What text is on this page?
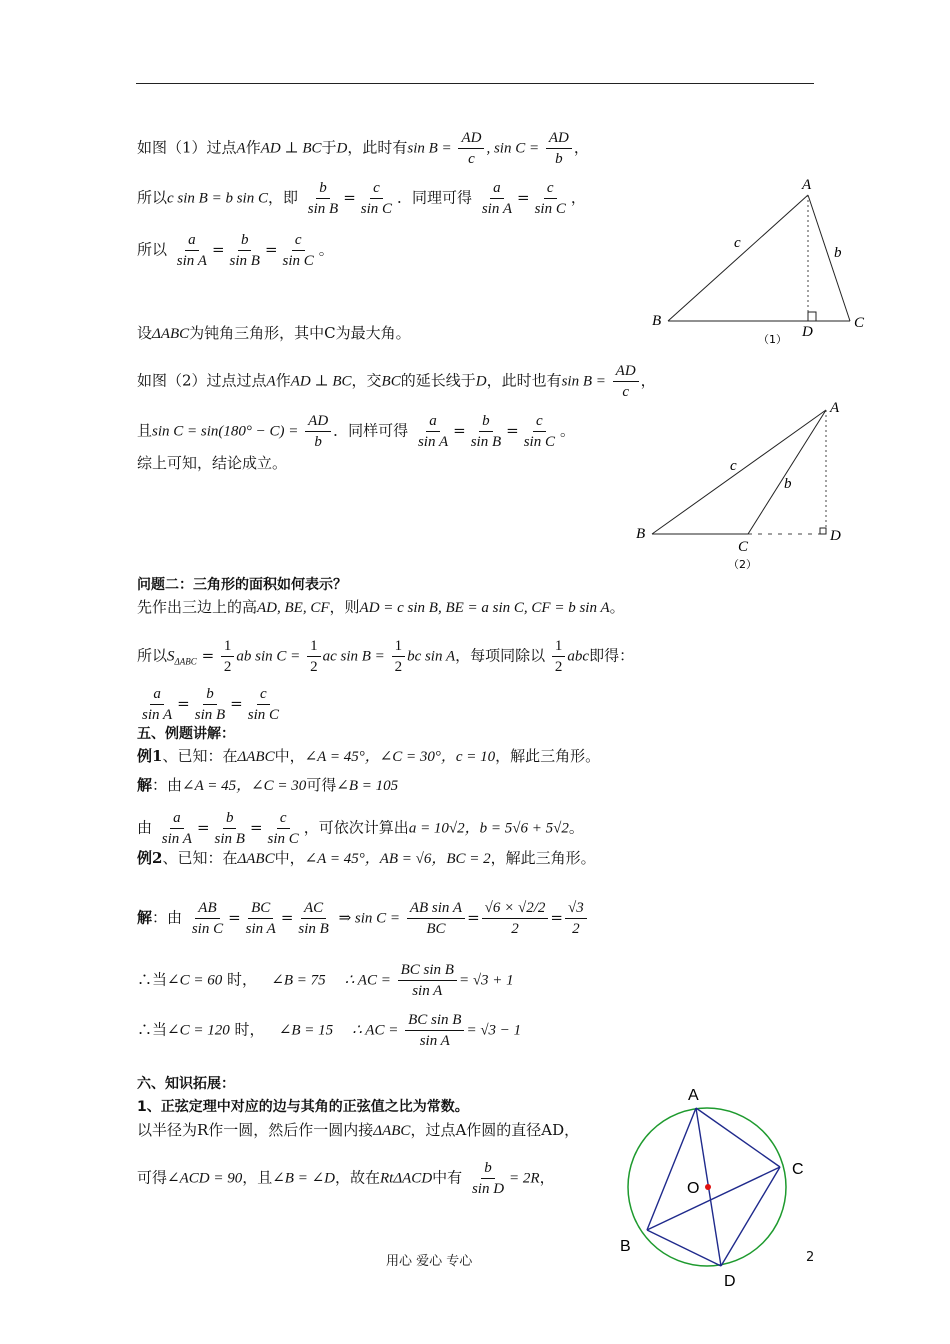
如图（1）过点A作AD ⊥ BC于D，此时有$\sin B = \frac{AD}{c}$ , $\sin C = \frac{AD}{b}$ ，
所以c sin B = b sin C，即 $\frac{b}{\text{sin B}} = \frac{c}{\text{sin C}}$ ．同理可得 $\frac{a}{\text{sin A}} = \frac{c}{\text{sin C}}$ ，
所以 $\frac{a}{\text{sin A}} = \frac{b}{\text{sin B}} = \frac{c}{\text{sin C}}$ 。
A
B	C
D
c
b
（1）
设ΔABC为钝角三角形，其中C为最大角。
如图（2）过点过点A作AD ⊥ BC，交BC的延长线于D，此时也有$\sin B = \frac{AD}{c}$ ，
且$\sin C = \sin(180^\circ - C) = \frac{AD}{b}$ ．同样可得 $\frac{a}{\text{sin A}} = \frac{b}{\text{sin B}} = \frac{c}{\text{sin C}}$ 。
综上可知，结论成立。
A
B
C
D
c
b
（2）
问题二：三角形的面积如何表示？
先作出三边上的高AD, BE, CF，则AD = c sin B, BE = a sin C, CF = b sin A。
所以$S_{\Delta ABC} = \frac{1}{2}$ ab $\sin C = \frac{1}{2}$ ac $\sin B = \frac{1}{2}$ bc sin A，每项同除以 $\frac{1}{2}$ abc即得：
$\frac{a}{\text{sin A}} = \frac{b}{\text{sin B}} = \frac{c}{\text{sin C}}$
五、例题讲解：
例1、已知：在ΔABC中，∠A = 45°，∠C = 30°，c = 10，解此三角形。
解：由∠A = 45，∠C = 30可得∠B = 105
由 $\frac{a}{\text{sin A}} = \frac{b}{\text{sin B}} = \frac{c}{\text{sin C}}$ ，可依次计算出a = 10√2，b = 5√6 + 5√2。
例2、已知：在ΔABC中，∠A = 45°，AB = √6，BC = 2，解此三角形。
解：由 $\frac{AB}{\text{sin C}} = \frac{BC}{\text{sin A}} = \frac{AC}{\text{sin B}}$ ⇒ $\sin C = \frac{\text{AB sin A}}{BC} = \frac{√6 \times √2/2}{2} = \frac{√3}{2}$
∴当∠C = 60 时， ∠B = 75 ∴ AC = $\frac{\text{BC sin B}}{\text{sin A}} = √3 + 1$
∴当∠C = 120 时， ∠B = 15 ∴ AC = $\frac{\text{BC sin B}}{\text{sin A}} = √3 - 1$
六、知识拓展：
1、正弦定理中对应的边与其角的正弦值之比为常数。
以半径为R作一圆，然后作一圆内接ΔABC，过点A作圆的直径AD，
可得∠ACD = 90，且∠B = ∠D，故在RtΔACD中有 $\frac{b}{\text{sin D}} = 2R$，
A
C
O
B
D
用心 爱心 专心	2
